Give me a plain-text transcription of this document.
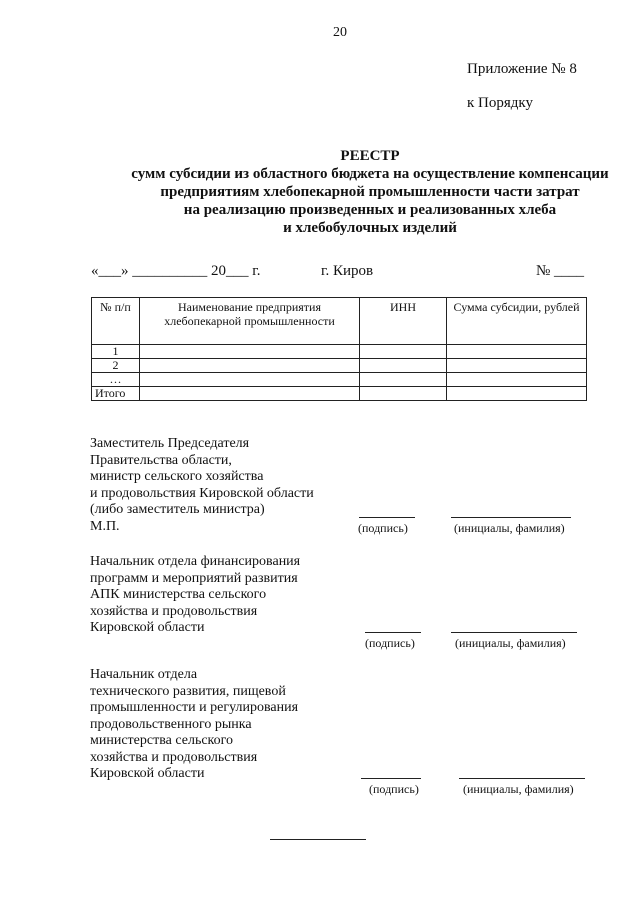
20
Приложение № 8
к Порядку
РЕЕСТР
сумм субсидии из областного бюджета на осуществление компенсации
предприятиям хлебопекарной промышленности части затрат
на реализацию произведенных и реализованных хлеба
и хлебобулочных изделий
«___» __________ 20___ г.	г. Киров	№ ____
№ п/п	Наименование предприятия хлебопекарной промышленности	ИНН	Сумма субсидии, рублей
1			
2			
…			
Итого			
Заместитель Председателя
Правительства области,
министр сельского хозяйства
и продовольствия Кировской области
(либо заместитель министра)
М.П.	(подпись)	(инициалы, фамилия)
Начальник отдела финансирования
программ и мероприятий развития
АПК министерства сельского
хозяйства и продовольствия
Кировской области
(подпись)	(инициалы, фамилия)
Начальник отдела
технического развития, пищевой
промышленности и регулирования
продовольственного рынка
министерства сельского
хозяйства и продовольствия
Кировской области
(подпись)	(инициалы, фамилия)
